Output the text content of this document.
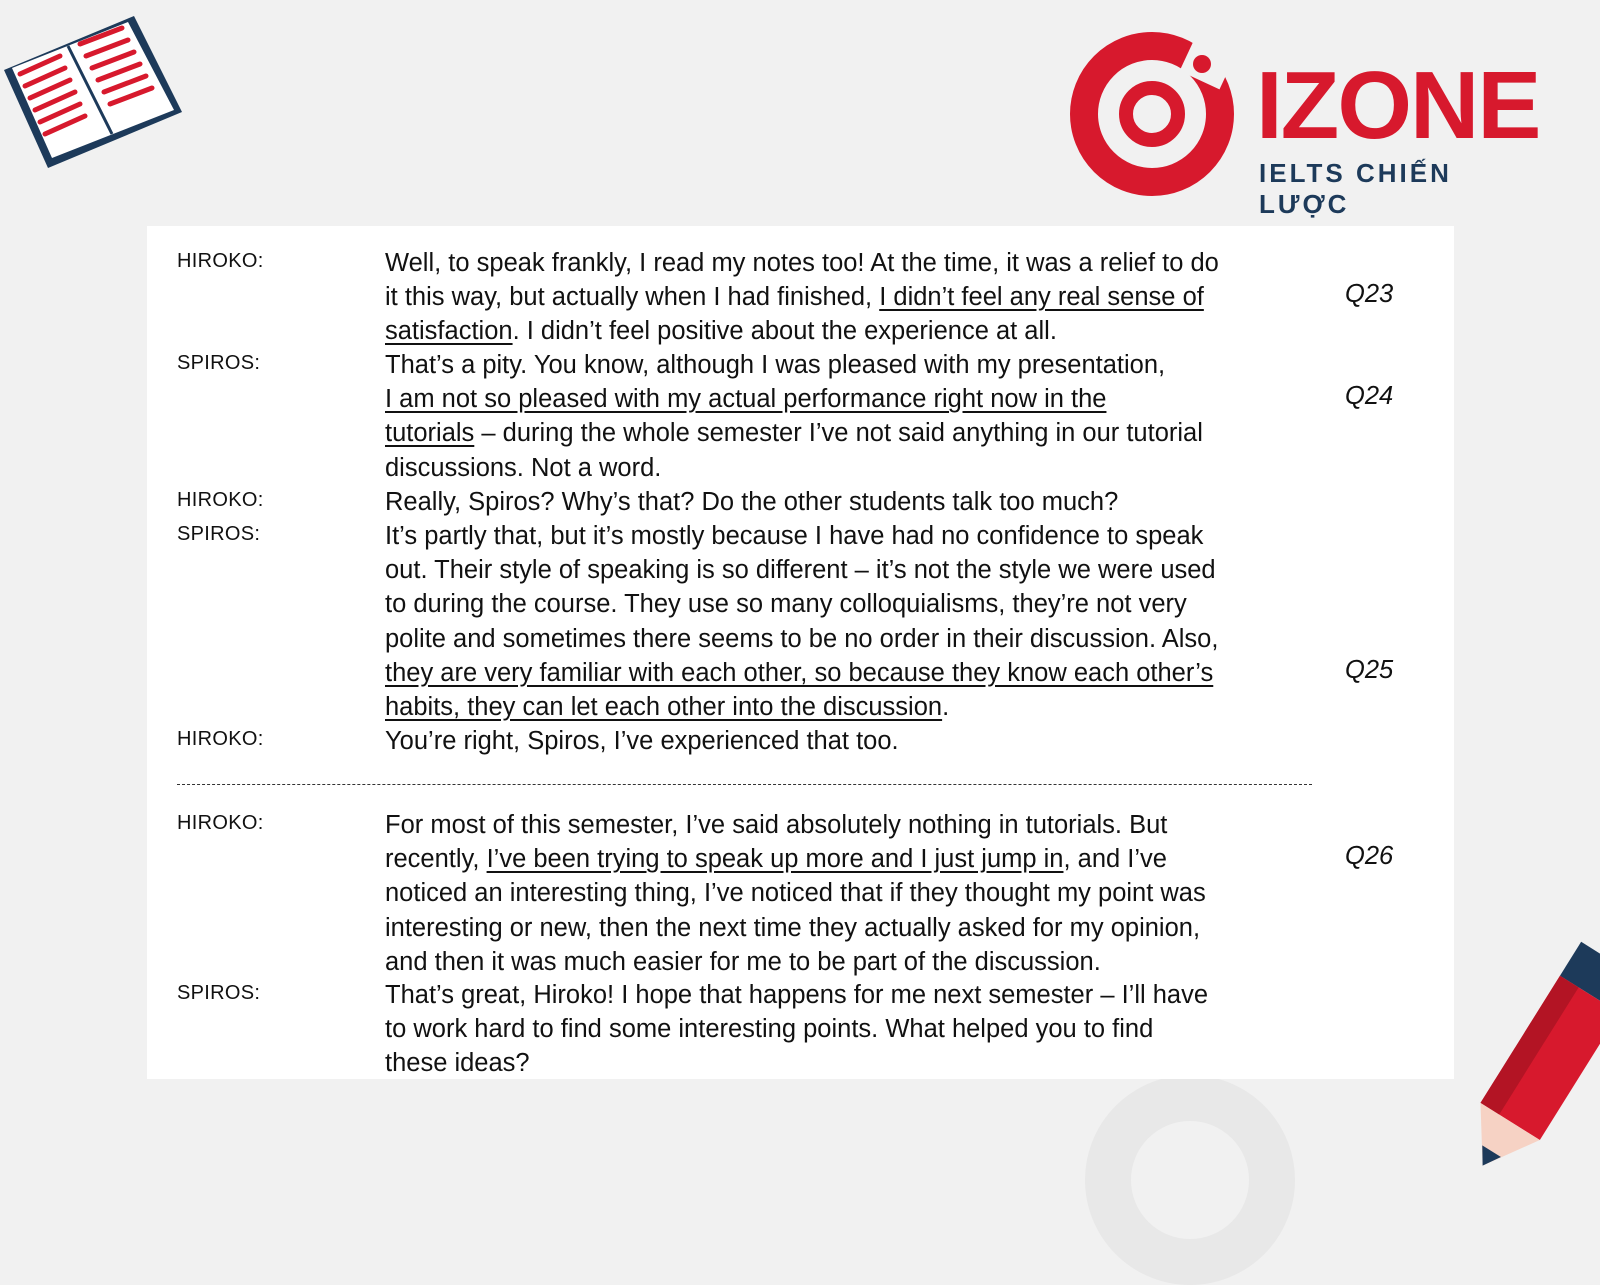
IZONE
IELTS CHIẾN LƯỢC
HIROKO:	Well, to speak frankly, I read my notes too! At the time, it was a relief to do
it this way, but actually when I had finished, I didn’t feel any real sense of
satisfaction. I didn’t feel positive about the experience at all.
Q23
SPIROS:	That’s a pity. You know, although I was pleased with my presentation,
I am not so pleased with my actual performance right now in the
tutorials – during the whole semester I’ve not said anything in our tutorial
discussions. Not a word.
Q24
HIROKO:	Really, Spiros? Why’s that? Do the other students talk too much?
SPIROS:	It’s partly that, but it’s mostly because I have had no confidence to speak
out. Their style of speaking is so different – it’s not the style we were used
to during the course. They use so many colloquialisms, they’re not very
polite and sometimes there seems to be no order in their discussion. Also,
they are very familiar with each other, so because they know each other’s
habits, they can let each other into the discussion.
Q25
HIROKO:	You’re right, Spiros, I’ve experienced that too.
HIROKO:	For most of this semester, I’ve said absolutely nothing in tutorials. But
recently, I’ve been trying to speak up more and I just jump in, and I’ve
noticed an interesting thing, I’ve noticed that if they thought my point was
interesting or new, then the next time they actually asked for my opinion,
and then it was much easier for me to be part of the discussion.
Q26
SPIROS:	That’s great, Hiroko! I hope that happens for me next semester – I’ll have
to work hard to find some interesting points. What helped you to find
these ideas?
